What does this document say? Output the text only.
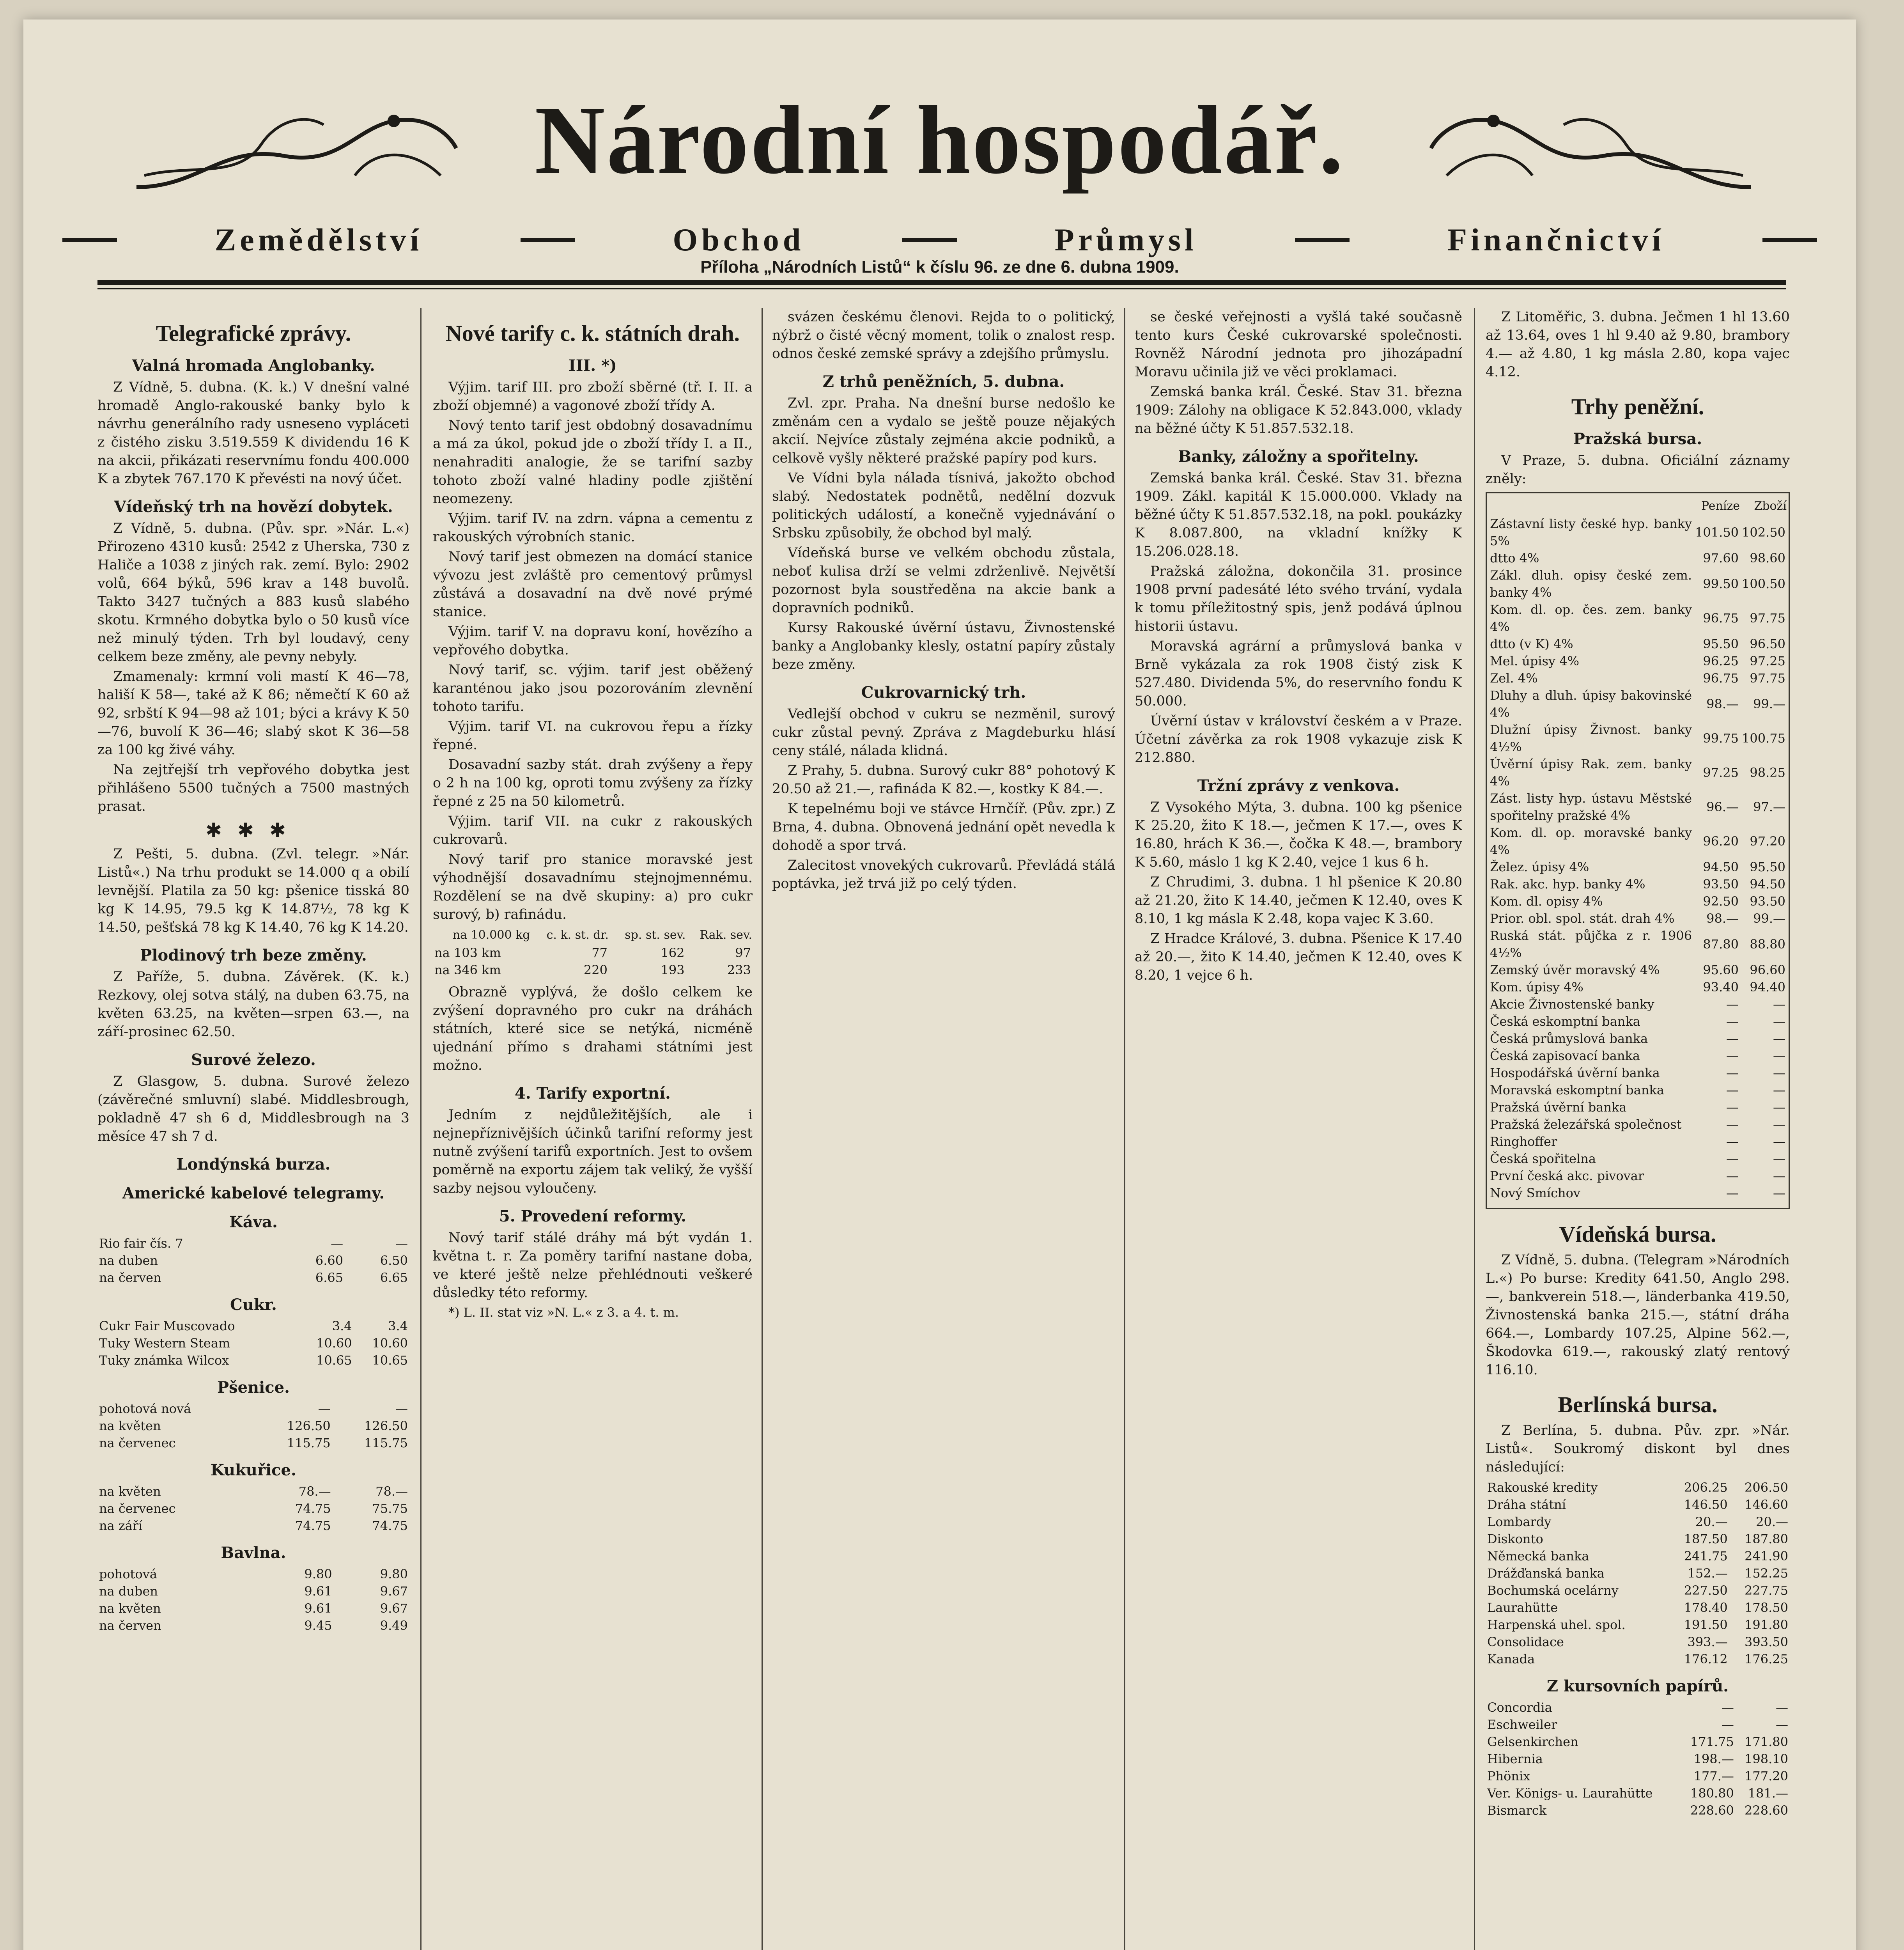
Národní hospodář.
Zemědělství	Obchod	Průmysl	Finančnictví
Příloha „Národních Listů“ k číslu 96. ze dne 6. dubna 1909.
Telegrafické zprávy.
Valná hromada Anglobanky.

Z Vídně, 5. dubna. (K. k.) V dnešní valné hromadě Anglo-rakouské banky bylo k návrhu generálního rady usneseno vypláceti z čistého zisku 3.519.559 K dividendu 16 K na akcii, přikázati reservnímu fondu 400.000 K a zbytek 767.170 K převésti na nový účet.

Vídeňský trh na hovězí dobytek.

Z Vídně, 5. dubna. (Pův. spr. »Nár. L.«) Přirozeno 4310 kusů: 2542 z Uherska, 730 z Haliče a 1038 z jiných rak. zemí. Bylo: 2902 volů, 664 býků, 596 krav a 148 buvolů. Takto 3427 tučných a 883 kusů slabého skotu. Krmného dobytka bylo o 50 kusů více než minulý týden. Trh byl loudavý, ceny celkem beze změny, ale pevny nebyly.

Zmamenaly: krmní voli mastí K 46—78, hališí K 58—, také až K 86; němečtí K 60 až 92, srbští K 94—98 až 101; býci a krávy K 50—76, buvolí K 36—46; slabý skot K 36—58 za 100 kg živé váhy.

Na zejtřejší trh vepřového dobytka jest přihlášeno 5500 tučných a 7500 mastných prasat.

✱✱✱

Z Pešti, 5. dubna. (Zvl. telegr. »Nár. Listů«.) Na trhu produkt se 14.000 q a obilí levnější. Platila za 50 kg: pšenice tisská 80 kg K 14.95, 79.5 kg K 14.87½, 78 kg K 14.50, pešťská 78 kg K 14.40, 76 kg K 14.20.

Plodinový trh beze změny.

Z Paříže, 5. dubna. Závěrek. (K. k.) Rezkovy, olej sotva stálý, na duben 63.75, na květen 63.25, na květen—srpen 63.—, na září-prosinec 62.50.

Surové železo.

Z Glasgow, 5. dubna. Surové železo (závěrečné smluvní) slabé. Middlesbrough, pokladně 47 sh 6 d, Middlesbrough na 3 měsíce 47 sh 7 d.

Londýnská burza.
Americké kabelové telegramy.
Káva.
Rio fair čís. 7	—	—
na duben	6.60	6.50
na červen	6.65	6.65
Cukr.
Cukr Fair Muscovado	3.4	3.4
Tuky Western Steam	10.60	10.60
Tuky známka Wilcox	10.65	10.65
Pšenice.
pohotová nová	—	—
na květen	126.50	126.50
na červenec	115.75	115.75
Kukuřice.
na květen	78.—	78.—
na červenec	74.75	75.75
na září	74.75	74.75
Bavlna.
pohotová	9.80	9.80
na duben	9.61	9.67
na květen	9.61	9.67
na červen	9.45	9.49
Nové tarify c. k. státních drah.
III. *)

Výjim. tarif III. pro zboží sběrné (tř. I. II. a zboží objemné) a vagonové zboží třídy A.

Nový tento tarif jest obdobný dosavadnímu a má za úkol, pokud jde o zboží třídy I. a II., nenahraditi analogie, že se tarifní sazby tohoto zboží valné hladiny podle zjištění neomezeny.

Výjim. tarif IV. na zdrn. vápna a cementu z rakouských výrobních stanic.

Nový tarif jest obmezen na domácí stanice vývozu jest zvláště pro cementový průmysl zůstává a dosavadní na dvě nové prýmé stanice.

Výjim. tarif V. na dopravu koní, hovězího a vepřového dobytka.

Nový tarif, sc. výjim. tarif jest oběžený karanténou jako jsou pozorováním zlevnění tohoto tarifu.

Výjim. tarif VI. na cukrovou řepu a řízky řepné.

Dosavadní sazby stát. drah zvýšeny a řepy o 2 h na 100 kg, oproti tomu zvýšeny za řízky řepné z 25 na 50 kilometrů.

Výjim. tarif VII. na cukr z rakouských cukrovarů.

Nový tarif pro stanice moravské jest výhodnější dosavadnímu stejnojmennému. Rozdělení se na dvě skupiny: a) pro cukr surový, b) rafinádu.

na 10.000 kg	c. k. st. dr.	sp. st. sev.	Rak. sev.
na 103 km	77	162	97
na 346 km	220	193	233

Obrazně vyplývá, že došlo celkem ke zvýšení dopravného pro cukr na dráhách státních, které sice se netýká, nicméně ujednání přímo s drahami státními jest možno.

4. Tarify exportní.

Jedním z nejdůležitějších, ale i nejnepříznivějších účinků tarifní reformy jest nutně zvýšení tarifů exportních. Jest to ovšem poměrně na exportu zájem tak veliký, že vyšší sazby nejsou vyloučeny.

5. Provedení reformy.

Nový tarif stálé dráhy má být vydán 1. května t. r. Za poměry tarifní nastane doba, ve které ještě nelze přehlédnouti veškeré důsledky této reformy.

*) L. II. stat viz »N. L.« z 3. a 4. t. m.

svázen českému členovi. Rejda to o politický, nýbrž o čisté věcný moment, tolik o znalost resp. odnos české zemské správy a zdejšího průmyslu.

Z trhů peněžních, 5. dubna.

Zvl. zpr. Praha. Na dnešní burse nedošlo ke změnám cen a vydalo se ještě pouze nějakých akcií. Nejvíce zůstaly zejména akcie podniků, a celkově vyšly některé pražské papíry pod kurs.

Ve Vídni byla nálada tísnivá, jakožto obchod slabý. Nedostatek podnětů, nedělní dozvuk politických událostí, a konečně vyjednávání o Srbsku způsobily, že obchod byl malý.

Vídeňská burse ve velkém obchodu zůstala, neboť kulisa drží se velmi zdrženlivě. Největší pozornost byla soustředěna na akcie bank a dopravních podniků.

Kursy Rakouské úvěrní ústavu, Živnostenské banky a Anglobanky klesly, ostatní papíry zůstaly beze změny.

Cukrovarnický trh.

Vedlejší obchod v cukru se nezměnil, surový cukr zůstal pevný. Zpráva z Magdeburku hlásí ceny stálé, nálada klidná.

Z Prahy, 5. dubna. Surový cukr 88° pohotový K 20.50 až 21.—, rafináda K 82.—, kostky K 84.—.

K tepelnému boji ve stávce Hrnčíř. (Pův. zpr.) Z Brna, 4. dubna. Obnovená jednání opět nevedla k dohodě a spor trvá.

Zalecitost vnovekých cukrovarů. Převládá stálá poptávka, jež trvá již po celý týden.

se české veřejnosti a vyšlá také současně tento kurs České cukrovarské společnosti. Rovněž Národní jednota pro jihozápadní Moravu učinila již ve věci proklamaci.

Zemská banka král. České. Stav 31. března 1909: Zálohy na obligace K 52.843.000, vklady na běžné účty K 51.857.532.18.

Banky, záložny a spořitelny.

Zemská banka král. České. Stav 31. března 1909. Zákl. kapitál K 15.000.000. Vklady na běžné účty K 51.857.532.18, na pokl. poukázky K 8.087.800, na vkladní knížky K 15.206.028.18.

Pražská záložna, dokončila 31. prosince 1908 první padesáté léto svého trvání, vydala k tomu příležitostný spis, jenž podává úplnou historii ústavu.

Moravská agrární a průmyslová banka v Brně vykázala za rok 1908 čistý zisk K 527.480. Dividenda 5%, do reservního fondu K 50.000.

Úvěrní ústav v království českém a v Praze. Účetní závěrka za rok 1908 vykazuje zisk K 212.880.

Tržní zprávy z venkova.

Z Vysokého Mýta, 3. dubna. 100 kg pšenice K 25.20, žito K 18.—, ječmen K 17.—, oves K 16.80, hrách K 36.—, čočka K 48.—, brambory K 5.60, máslo 1 kg K 2.40, vejce 1 kus 6 h.

Z Chrudimi, 3. dubna. 1 hl pšenice K 20.80 až 21.20, žito K 14.40, ječmen K 12.40, oves K 8.10, 1 kg másla K 2.48, kopa vajec K 3.60.

Z Hradce Králové, 3. dubna. Pšenice K 17.40 až 20.—, žito K 14.40, ječmen K 12.40, oves K 8.20, 1 vejce 6 h.

Z Litoměřic, 3. dubna. Ječmen 1 hl 13.60 až 13.64, oves 1 hl 9.40 až 9.80, brambory 4.— až 4.80, 1 kg másla 2.80, kopa vajec 4.12.

Trhy peněžní.
Pražská bursa.

V Praze, 5. dubna. Oficiální záznamy zněly:

	Peníze	Zboží
Zástavní listy české hyp. banky 5%	101.50	102.50
dtto 4%	97.60	98.60
Zákl. dluh. opisy české zem. banky 4%	99.50	100.50
Kom. dl. op. čes. zem. banky 4%	96.75	97.75
dtto (v K) 4%	95.50	96.50
Mel. úpisy 4%	96.25	97.25
Zel. 4%	96.75	97.75
Dluhy a dluh. úpisy bakovinské 4%	98.—	99.—
Dlužní úpisy Živnost. banky 4½%	99.75	100.75
Úvěrní úpisy Rak. zem. banky 4%	97.25	98.25
Zást. listy hyp. ústavu Městské spořitelny pražské 4%	96.—	97.—
Kom. dl. op. moravské banky 4%	96.20	97.20
Želez. úpisy 4%	94.50	95.50
Rak. akc. hyp. banky 4%	93.50	94.50
Kom. dl. opisy 4%	92.50	93.50
Prior. obl. spol. stát. drah 4%	98.—	99.—
Ruská stát. půjčka z r. 1906 4½%	87.80	88.80
Zemský úvěr moravský 4%	95.60	96.60
Kom. úpisy 4%	93.40	94.40
Akcie Živnostenské banky	—	—
Česká eskomptní banka	—	—
Česká průmyslová banka	—	—
Česká zapisovací banka	—	—
Hospodářská úvěrní banka	—	—
Moravská eskomptní banka	—	—
Pražská úvěrní banka	—	—
Pražská železářská společnost	—	—
Ringhoffer	—	—
Česká spořitelna	—	—
První česká akc. pivovar	—	—
Nový Smíchov	—	—
Vídeňská bursa.

Z Vídně, 5. dubna. (Telegram »Národních L.«) Po burse: Kredity 641.50, Anglo 298.—, bankverein 518.—, länderbanka 419.50, Živnostenská banka 215.—, státní dráha 664.—, Lombardy 107.25, Alpine 562.—, Škodovka 619.—, rakouský zlatý rentový 116.10.

Berlínská bursa.

Z Berlína, 5. dubna. Pův. zpr. »Nár. Listů«. Soukromý diskont byl dnes následující:

Rakouské kredity	206.25	206.50
Dráha státní	146.50	146.60
Lombardy	20.—	20.—
Diskonto	187.50	187.80
Německá banka	241.75	241.90
Drážďanská banka	152.—	152.25
Bochumská ocelárny	227.50	227.75
Laurahütte	178.40	178.50
Harpenská uhel. spol.	191.50	191.80
Consolidace	393.—	393.50
Kanada	176.12	176.25
Z kursovních papírů.
Concordia	—	—
Eschweiler	—	—
Gelsenkirchen	171.75	171.80
Hibernia	198.—	198.10
Phönix	177.—	177.20
Ver. Königs- u. Laurahütte	180.80	181.—
Bismarck	228.60	228.60
